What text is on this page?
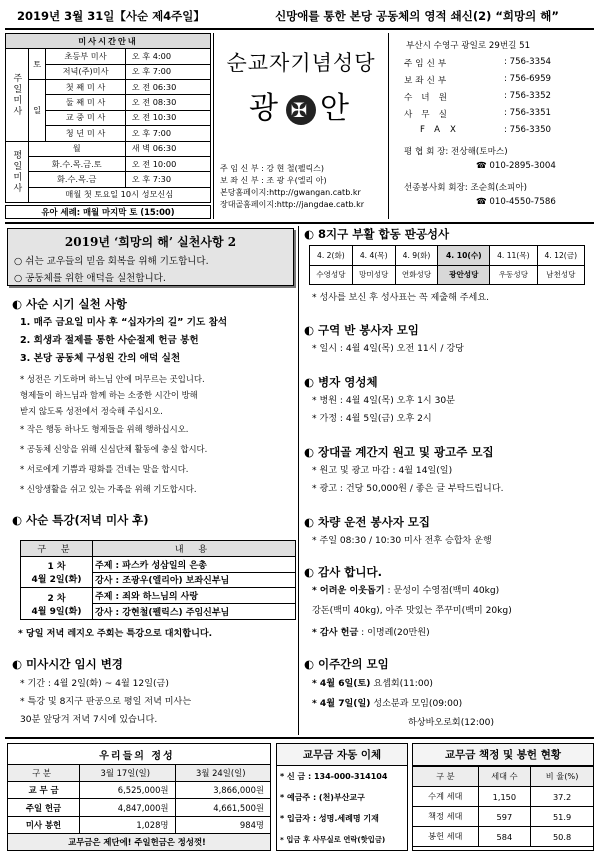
2019년 3월 31일【사순 제4주일】	신망애를 통한 본당 공동체의 영적 쇄신(2) “희망의 해”
미사시간안내			
주일미사	토	초등부 미사	오 후 4:00
		저녁(주)미사	오 후 7:00
	일	첫 째 미 사	오 전 06:30
		둘 째 미 사	오 전 08:30
		교 중 미 사	오 전 10:30
		청 년 미 사	오 후 7:00
평일미사	월		새 벽 06:30
	화.수.목.금.토		오 전 10:00
	화.수.목.금		오 후 7:30
	매월 첫 토요일 10시 성모신심		
유아 세례: 매월 마지막 토 (15:00)
순교자기념성당
광 ✠ 안
주 임 신 부 : 강 현 철(펠릭스)
보 좌 신 부 : 조 광 우(엘리 아)
본당홈페이지:http://gwangan.catb.kr
장대골홈페이지:http://jangdae.catb.kr
부산시 수영구 광일로 29번길 51
주임신부	: 756-3354
보좌신부	: 756-6959
수녀원	: 756-3352
사무실	: 756-3351
FAX	: 756-3350
평 협 회 장: 전상해(토마스)
☎ 010-2895-3004
선종봉사회 회장: 조순희(소피아)
☎ 010-4550-7586
2019년 ‘희망의 해’ 실천사항 2
○ 쉬는 교우들의 믿음 회복을 위해 기도합니다.
○ 공동체를 위한 애덕을 실천합니다.
◐ 사순 시기 실천 사항
1. 매주 금요일 미사 후 “십자가의 길” 기도 참석
2. 희생과 절제를 통한 사순절제 헌금 봉헌
3. 본당 공동체 구성원 간의 애덕 실천
* 성전은 기도하며 하느님 안에 머무르는 곳입니다.
형제들이 하느님과 함께 하는 소중한 시간이 방해
받지 않도록 성전에서 정숙해 주십시오.
* 작은 행동 하나도 형제들을 위해 행하십시오.
* 공동체 신앙을 위해 신심단체 활동에 충실 합시다.
* 서로에게 기쁨과 평화를 건네는 말을 합시다.
* 신앙생활을 쉬고 있는 가족을 위해 기도합시다.
◐ 사순 특강(저녁 미사 후)
구 분	내 용

1 차
4월 2일(화)	주제 : 파스카 성삼일의 은총
	강사 : 조광우(엘리아) 보좌신부님

2 차
4월 9일(화)	주제 : 죄와 하느님의 사랑
	강사 : 강현철(펠릭스) 주임신부님
* 당일 저녁 레지오 주회는 특강으로 대치합니다.
◐ 미사시간 임시 변경
* 기간 : 4월 2일(화) ~ 4월 12일(금)
* 특강 및 8지구 판공으로 평일 저녁 미사는
30분 앞당겨 저녁 7시에 있습니다.
◐ 8지구 부활 합동 판공성사
4. 2(화)	4. 4(목)	4. 9(화)	4. 10(수)	4. 11(목)	4. 12(금)
수영성당	망미성당	연화성당	광안성당	우동성당	남천성당
* 성사를 보신 후 성사표는 꼭 제출해 주세요.
◐ 구역 반 봉사자 모임
* 일시 : 4월 4일(목) 오전 11시 / 강당
◐ 병자 영성체
* 병원 : 4월 4일(목) 오후 1시 30분
* 가정 : 4월 5일(금) 오후 2시
◐ 장대골 계간지 원고 및 광고주 모집
* 원고 및 광고 마감 : 4월 14일(일)
* 광고 : 건당 50,000원 / 좋은 글 부탁드립니다.
◐ 차량 운전 봉사자 모집
* 주일 08:30 / 10:30 미사 전후 승합차 운행
◐ 감사 합니다.
* 어려운 이웃돕기 : 문성이 수영점(백미 40kg)
강돈(백미 40kg), 아주 맛있는 쭈꾸미(백미 20kg)
* 감사 헌금 : 이명례(20만원)
◐ 이주간의 모임
* 4월 6일(토) 요셉회(11:00)
* 4월 7일(일) 성소분과 모임(09:00)
하상바오로회(12:00)
우리들의 정성		
구 분	3월 17일(일)	3월 24일(일)
교 무 금	6,525,000원	3,866,000원
주일 헌금	4,847,000원	4,661,500원
미사 봉헌	1,028명	984명
교무금은 제단에! 주일헌금은 정성껏!		
교무금 자동 이체
* 신 금 : 134-000-314104
* 예금주 : (천)부산교구
* 입금자 : 성명.세례명 기재
* 입금 후 사무실로 연락(핫입금)
교무금 책정 및 봉헌 현황
구 분	세대 수	비 율(%)
수계 세대	1,150	37.2
책정 세대	597	51.9
봉헌 세대	584	50.8
